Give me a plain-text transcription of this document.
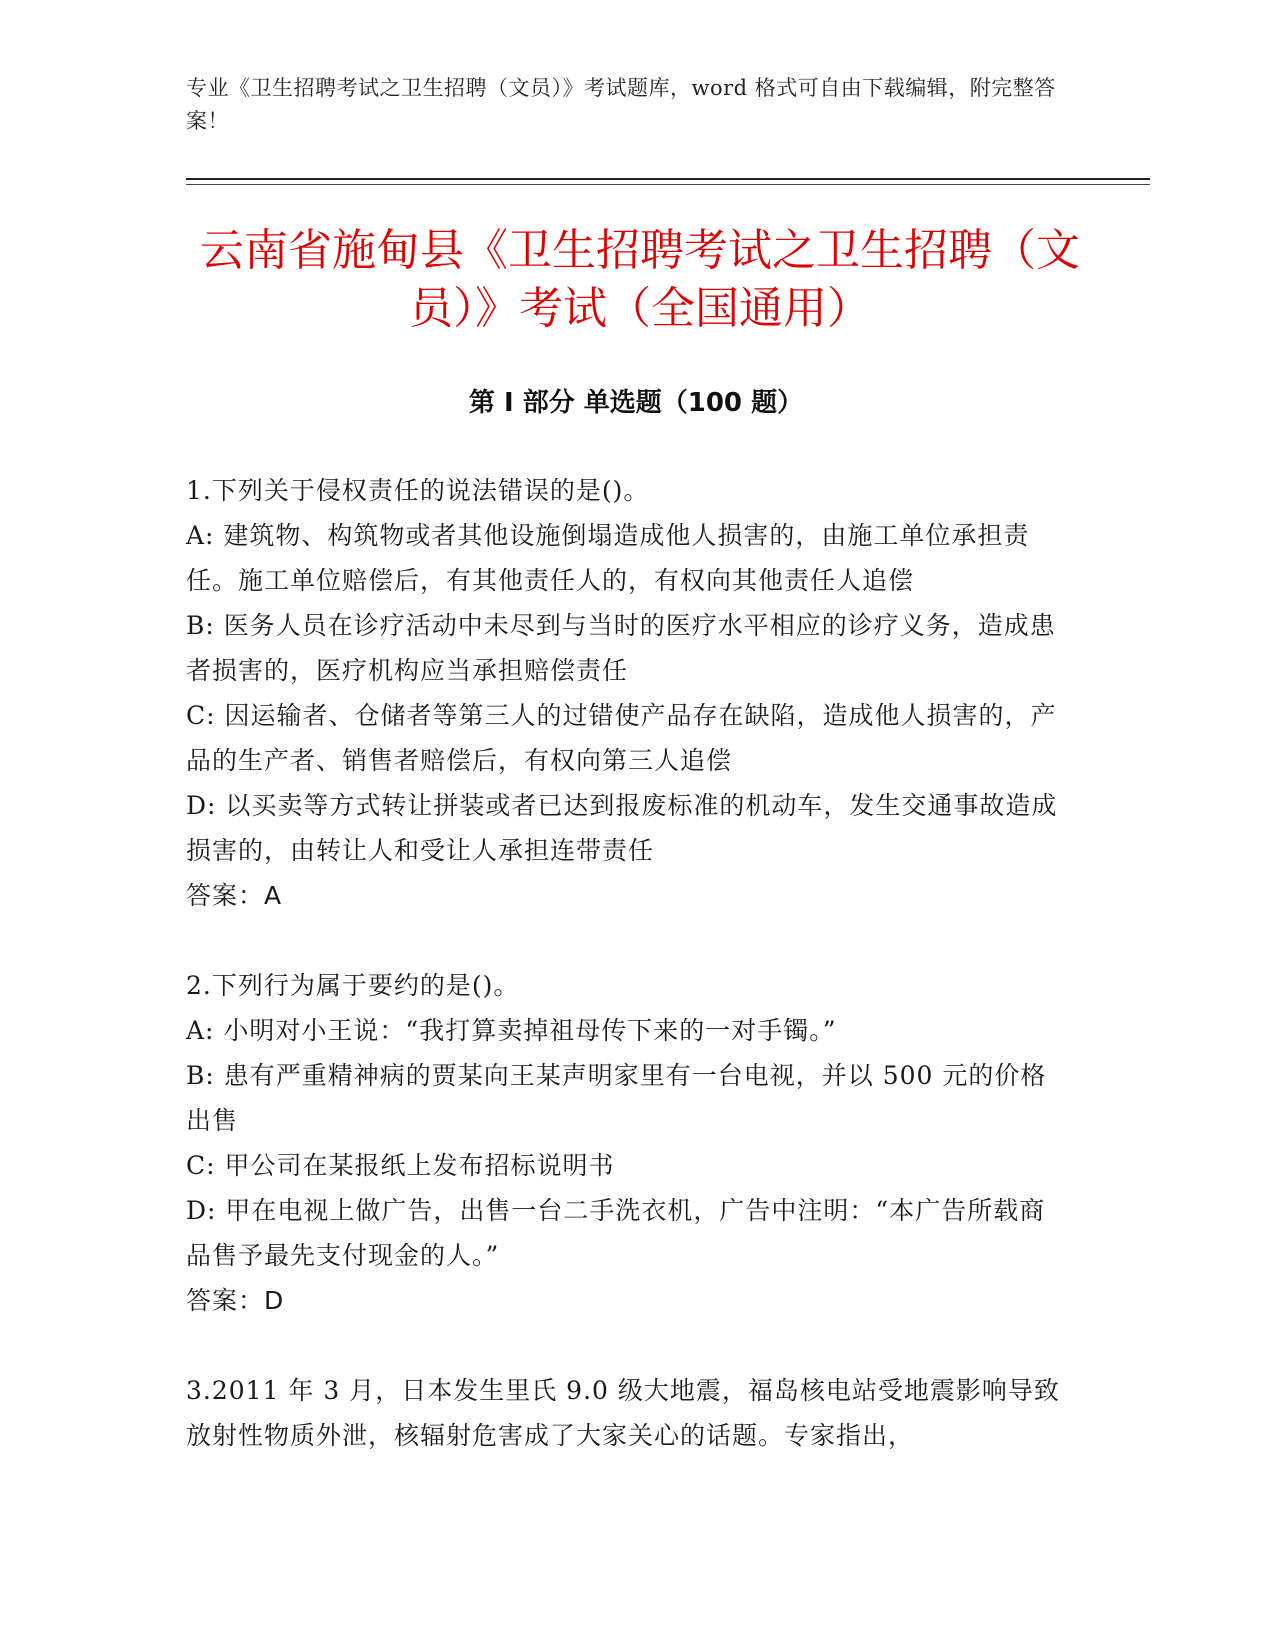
专业《卫生招聘考试之卫生招聘（文员）》考试题库，word 格式可自由下载编辑，附完整答案！
云南省施甸县《卫生招聘考试之卫生招聘（文员）》考试（全国通用）
第 I 部分 单选题（100 题）

1.下列关于侵权责任的说法错误的是()。

A: 建筑物、构筑物或者其他设施倒塌造成他人损害的，由施工单位承担责任。施工单位赔偿后，有其他责任人的，有权向其他责任人追偿

B: 医务人员在诊疗活动中未尽到与当时的医疗水平相应的诊疗义务，造成患者损害的，医疗机构应当承担赔偿责任

C: 因运输者、仓储者等第三人的过错使产品存在缺陷，造成他人损害的，产品的生产者、销售者赔偿后，有权向第三人追偿

D: 以买卖等方式转让拼装或者已达到报废标准的机动车，发生交通事故造成损害的，由转让人和受让人承担连带责任

答案：A

2.下列行为属于要约的是()。

A: 小明对小王说：“我打算卖掉祖母传下来的一对手镯。”

B: 患有严重精神病的贾某向王某声明家里有一台电视，并以 500 元的价格出售

C: 甲公司在某报纸上发布招标说明书

D: 甲在电视上做广告，出售一台二手洗衣机，广告中注明：“本广告所载商品售予最先支付现金的人。”

答案：D

3.2011 年 3 月，日本发生里氏 9.0 级大地震，福岛核电站受地震影响导致放射性物质外泄，核辐射危害成了大家关心的话题。专家指出，
